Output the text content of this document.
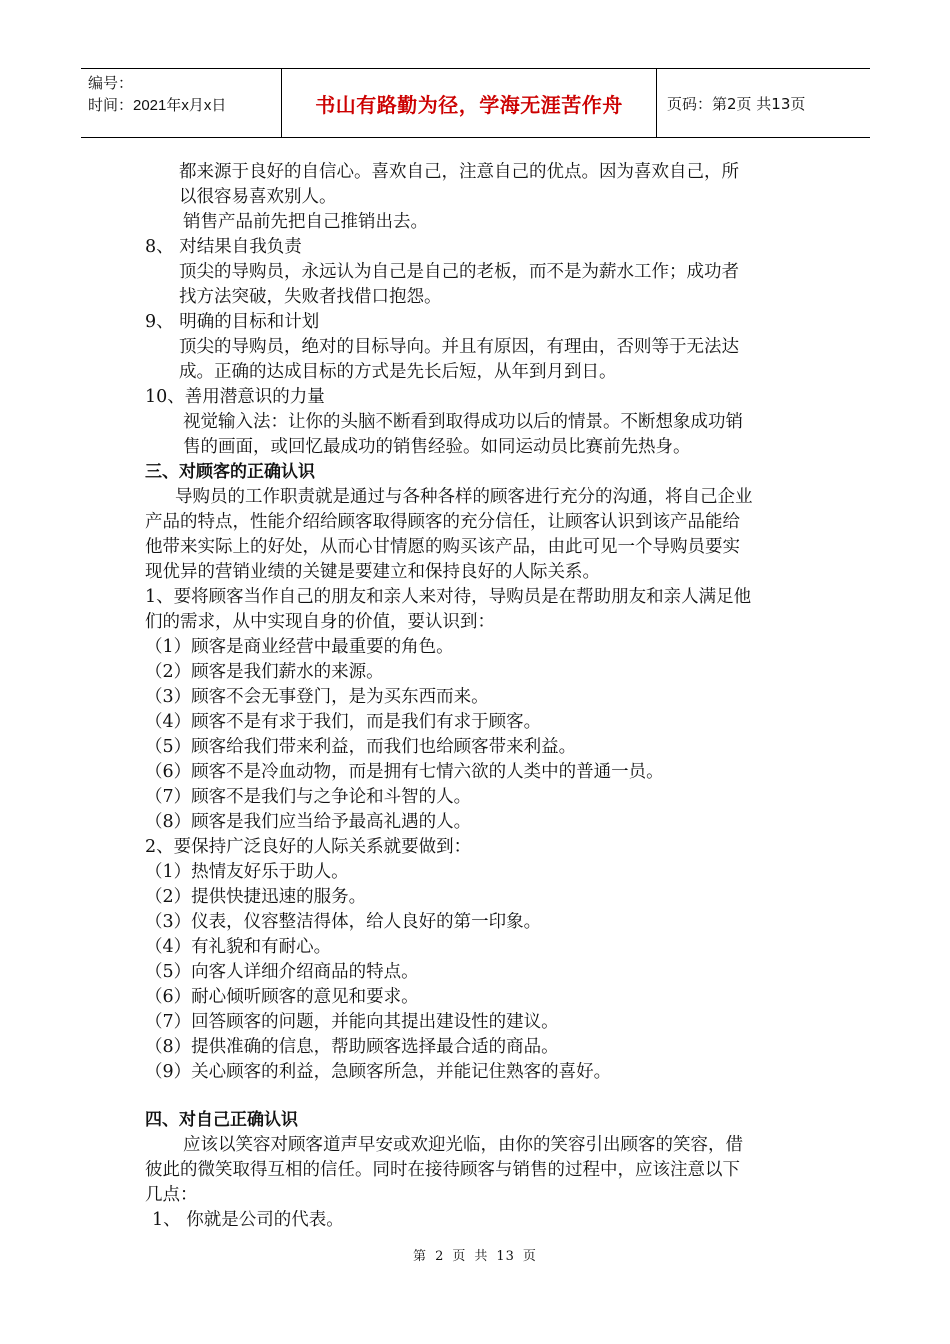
编号：
时间：2021年x月x日	书山有路勤为径，学海无涯苦作舟	页码：第2页 共13页
都来源于良好的自信心。喜欢自己，注意自己的优点。因为喜欢自己，所
以很容易喜欢别人。
销售产品前先把自己推销出去。
8、 对结果自我负责
顶尖的导购员，永远认为自己是自己的老板，而不是为薪水工作；成功者
找方法突破，失败者找借口抱怨。
9、 明确的目标和计划
顶尖的导购员，绝对的目标导向。并且有原因，有理由，否则等于无法达
成。正确的达成目标的方式是先长后短，从年到月到日。
10、善用潜意识的力量
视觉输入法：让你的头脑不断看到取得成功以后的情景。不断想象成功销
售的画面，或回忆最成功的销售经验。如同运动员比赛前先热身。
三、对顾客的正确认识
导购员的工作职责就是通过与各种各样的顾客进行充分的沟通，将自己企业
产品的特点，性能介绍给顾客取得顾客的充分信任，让顾客认识到该产品能给
他带来实际上的好处，从而心甘情愿的购买该产品，由此可见一个导购员要实
现优异的营销业绩的关键是要建立和保持良好的人际关系。
1、要将顾客当作自己的朋友和亲人来对待，导购员是在帮助朋友和亲人满足他
们的需求，从中实现自身的价值，要认识到：
（1）顾客是商业经营中最重要的角色。
（2）顾客是我们薪水的来源。
（3）顾客不会无事登门，是为买东西而来。
（4）顾客不是有求于我们，而是我们有求于顾客。
（5）顾客给我们带来利益，而我们也给顾客带来利益。
（6）顾客不是冷血动物，而是拥有七情六欲的人类中的普通一员。
（7）顾客不是我们与之争论和斗智的人。
（8）顾客是我们应当给予最高礼遇的人。
2、要保持广泛良好的人际关系就要做到：
（1）热情友好乐于助人。
（2）提供快捷迅速的服务。
（3）仪表，仪容整洁得体，给人良好的第一印象。
（4）有礼貌和有耐心。
（5）向客人详细介绍商品的特点。
（6）耐心倾听顾客的意见和要求。
（7）回答顾客的问题，并能向其提出建设性的建议。
（8）提供准确的信息，帮助顾客选择最合适的商品。
（9）关心顾客的利益，急顾客所急，并能记住熟客的喜好。
四、对自己正确认识
应该以笑容对顾客道声早安或欢迎光临，由你的笑容引出顾客的笑容，借
彼此的微笑取得互相的信任。同时在接待顾客与销售的过程中，应该注意以下
几点：
1、 你就是公司的代表。
第 2 页 共 13 页
